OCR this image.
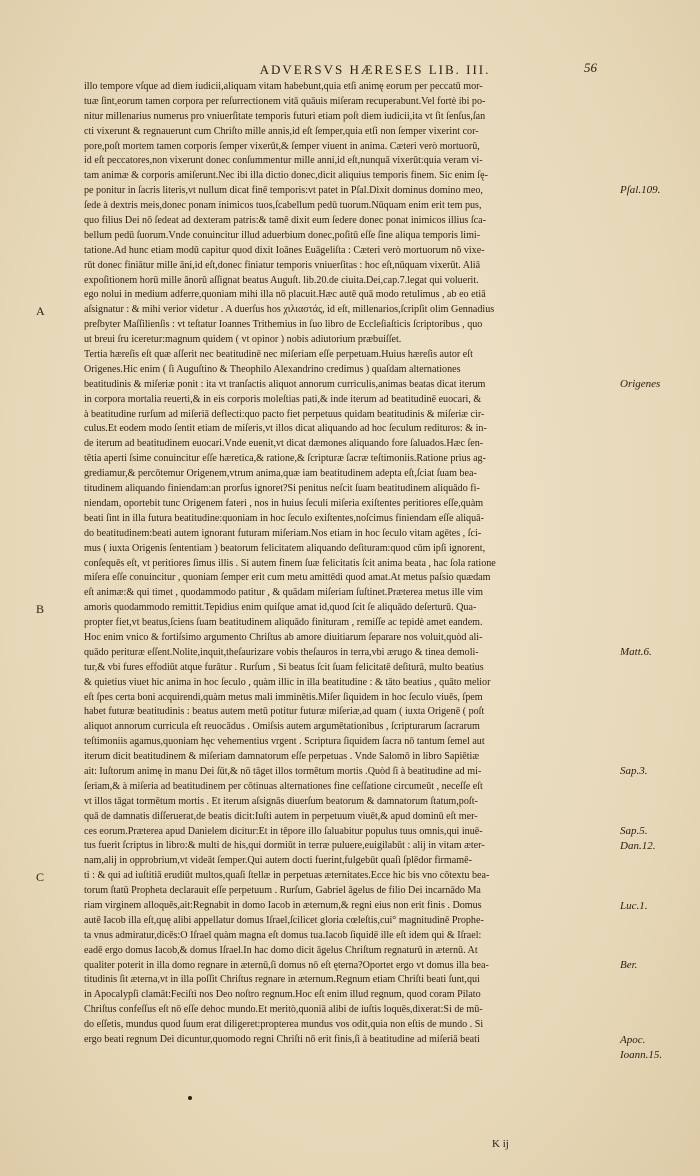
ADVERSVS HÆRESES LIB. III.	56
illo tempore vſque ad diem iudicii,aliquam vitam habebunt,quia etſi animę eorum per peccatū mor-
tuæ ſint,eorum tamen corpora per reſurrectionem vitā quāuis miſeram recuperabunt.Vel fortè ibi po-
nitur millenarius numerus pro vniuerſitate temporis futuri etiam poſt diem iudicii,ita vt ſit ſenſus,ſan
cti vixerunt & regnauerunt cum Chriſto mille annis,id eſt ſemper,quia etſi non ſemper vixerint cor-
pore,poſt mortem tamen corporis ſemper vixerūt,& ſemper viuent in anima. Cæteri verò mortuorū,
id eſt peccatores,non vixerunt donec conſummentur mille anni,id eſt,nunquā vixerūt:quia veram vi-
tam animæ & corporis amiſerunt.Nec ibi illa dictio donec,dicit aliquius temporis finem. Sic enim ſę-
pe ponitur in ſacris literis,vt nullum dicat finē temporis:vt patet in Pſal.Dixit dominus domino meo,
ſede à dextris meis,donec ponam inimicos tuos,ſcabellum pedū tuorum.Nūquam enim erit tem pus,
quo filius Dei nō ſedeat ad dexteram patris:& tamē dixit eum ſedere donec ponat inimicos illius ſca-
bellum pedū ſuorum.Vnde conuincitur illud aduerbium donec,poſitū eſſe ſine aliqua temporis limi-
tatione.Ad hunc etiam modū capitur quod dixit Ioānes Euāgeliſta : Cæteri verò mortuorum nō vixe-
rūt donec finiātur mille āni,id eſt,donec finiatur temporis vniuerſitas : hoc eſt,nūquam vixerūt. Aliā
expoſitionem horū mille ānorū aſſignat beatus Auguſt. lib.20.de ciuita.Dei,cap.7.legat qui voluerit.
ego nolui in medium adferre,quoniam mihi illa nō placuit.Hæc autē quā modo retulimus , ab eo etiā
aſsignatur : & mihi verior videtur . A duerſus hos χιλιαστάς, id eſt, millenarios,ſcripſit olim Gennadius
preſbyter Maſſilienſis : vt teſtatur Ioannes Trithemius in ſuo libro de Eccleſiaſticis ſcriptoribus , quo
ut breui ſru iceretur:magnum quidem ( vt opinor ) nobis adiutorium præbuiſſet.
Tertia hæreſis eſt quæ aſſerit nec beatitudinē nec miſeriam eſſe perpetuam.Huius hæreſis autor eſt
Origenes.Hic enim ( ſi Auguſtino & Theophilo Alexandrino credimus ) quaſdam alternationes
beatitudinis & miſeriæ ponit : ita vt tranſactis aliquot annorum curriculis,animas beatas dicat iterum
in corpora mortalia reuerti,& in eis corporis moleſtias pati,& inde iterum ad beatitudinē euocari, &
à beatitudine rurſum ad miſeriā deflecti:quo pacto fiet perpetuus quidam beatitudinis & miſeriæ cir-
culus.Et eodem modo ſentit etiam de miſeris,vt illos dicat aliquando ad hoc ſeculum redituros: & in-
de iterum ad beatitudinem euocari.Vnde euenit,vt dicat dæmones aliquando fore ſaluados.Hæc ſen-
tētia aperti ſsime conuincitur eſſe hæretica,& ratione,& ſcripturæ ſacræ teſtimoniis.Ratione prius ag-
grediamur,& percōtemur Origenem,vtrum anima,quæ iam beatitudinem adepta eſt,ſciat ſuam bea-
titudinem aliquando finiendam:an prorſus ignoret?Si penitus neſcit ſuam beatitudinem aliquādo fi-
niendam, oportebit tunc Origenem fateri , nos in huius ſeculi miſeria exiſtentes peritiores eſſe,quàm
beati ſint in illa futura beatitudine:quoniam in hoc ſeculo exiſtentes,noſcimus finiendam eſſe aliquā-
do beatitudinem:beati autem ignorant futuram miſeriam.Nos etiam in hoc ſeculo vitam agētes , ſci-
mus ( iuxta Origenis ſententiam ) beatorum felicitatem aliquando deſituram:quod cūm ipſi ignorent,
conſequēs eſt, vt peritiores ſimus illis . Si autem finem ſuæ felicitatis ſcit anima beata , hac ſola ratione
miſera eſſe conuincitur , quoniam ſemper erit cum metu amittēdi quod amat.At metus paſsio quædam
eſt animæ:& qui timet , quodammodo patitur , & quādam miſeriam ſuſtinet.Præterea metus ille vim
amoris quodammodo remittit.Tepidius enim quiſque amat id,quod ſcit ſe aliquādo deſerturū. Qua-
propter fiet,vt beatus,ſciens ſuam beatitudinem aliquādo finituram , remiſſe ac tepidè amet eandem.
Hoc enim vnico & fortiſsimo argumento Chriſtus ab amore diuitiarum ſeparare nos voluit,quòd ali-
quādo perituræ eſſent.Nolite,inquit,theſaurizare vobis theſauros in terra,vbi ærugo & tinea demoli-
tur,& vbi fures effodiūt atque furātur . Rurſum , Si beatus ſcit ſuam felicitatē deſiturā, multo beatius
& quietius viuet hic anima in hoc ſeculo , quàm illic in illa beatitudine : & tāto beatius , quāto melior
eſt ſpes certa boni acquirendi,quàm metus mali imminētis.Miſer ſiquidem in hoc ſeculo viuēs, ſpem
habet futuræ beatitudinis : beatus autem metū potitur futuræ miſeriæ,ad quam ( iuxta Origenē ( poſt
aliquot annorum curricula eſt reuocādus . Omiſsis autem argumētationibus , ſcripturarum ſacrarum
teſtimoniis agamus,quoniam hęc vehementius vrgent . Scriptura ſiquidem ſacra nō tantum ſemel aut
iterum dicit beatitudinem & miſeriam damnatorum eſſe perpetuas . Vnde Salomō in libro Sapiētiæ
ait: Iuſtorum animę in manu Dei ſūt,& nō tāget illos tormētum mortis .Quòd ſi à beatitudine ad mi-
ſeriam,& à miſeria ad beatitudinem per cōtinuas alternationes fine ceſſatione circumeūt , neceſſe eſt
vt illos tāgat tormētum mortis . Et iterum aſsignās diuerſum beatorum & damnatorum ſtatum,poſt-
quā de damnatis diſſeruerat,de beatis dicit:Iuſti autem in perpetuum viuēt,& apud dominū eſt mer-
ces eorum.Præterea apud Danielem dicitur:Et in tēpore illo ſaluabitur populus tuus omnis,qui inuē-
tus fuerit ſcriptus in libro:& multi de his,qui dormiūt in terræ puluere,euigilabūt : alij in vitam æter-
nam,alij in opprobrium,vt videāt ſemper.Qui autem docti fuerint,fulgebūt quaſi ſplēdor firmamē-
ti : & qui ad iuſtitiā erudiūt multos,quaſi ſtellæ in perpetuas æternitates.Ecce hic bis vno cōtextu bea-
torum ſtatū Propheta declarauit eſſe perpetuum . Rurſum, Gabriel āgelus de filio Dei incarnādo Ma
riam virginem alloquēs,ait:Regnabit in domo Iacob in æternum,& regni eius non erit finis . Domus
autē Iacob illa eſt,quę alibi appellatur domus Iſrael,ſcilicet gloria cœleſtis,cui° magnitudinē Prophe-
ta vnus admiratur,dicēs:O Iſrael quàm magna eſt domus tua.Iacob ſiquidē ille eſt idem qui & Iſrael:
eadē ergo domus Iacob,& domus Iſrael.In hac domo dicit āgelus Chriſtum regnaturū in æternū. At
qualiter poterit in illa domo regnare in æternū,ſi domus nō eſt ęterna?Oportet ergo vt domus illa bea-
titudinis ſit æterna,vt in illa poſſit Chriſtus regnare in æternum.Regnum etiam Chriſti beati ſunt,qui
in Apocalypſi clamāt:Feciſti nos Deo noſtro regnum.Hoc eſt enim illud regnum, quod coram Pilato
Chriſtus confeſſus eſt nō eſſe dehoc mundo.Et meritò,quoniā alibi de iuſtis loquēs,dixerat:Si de mū-
do eſſetis, mundus quod ſuum erat diligeret:propterea mundus vos odit,quia non eſtis de mundo . Si
ergo beati regnum Dei dicuntur,quomodo regni Chriſti nō erit finis,ſi à beatitudine ad miſeriā beati
Pſal.109.
Origenes
Matt.6.
Sap.3.
Sap.5.
Dan.12.
Luc.1.
Ber.
Apoc.
Ioann.15.
A
B
C
K ij
